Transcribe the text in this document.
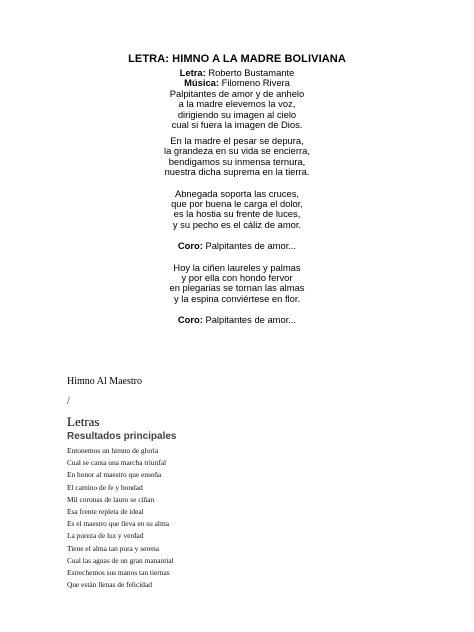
LETRA: HIMNO A LA MADRE BOLIVIANA
Letra: Roberto Bustamante
Música: Filomeno Rivera
Palpitantes de amor y de anhelo
a la madre elevemos la voz,
dirigiendo su imagen al cielo
cual si fuera la imagen de Dios.
En la madre el pesar se depura,
la grandeza en su vida se encierra,
bendigamos su inmensa ternura,
nuestra dicha suprema en la tierra.
Abnegada soporta las cruces,
que por buena le carga el dolor,
es la hostia su frente de luces,
y su pecho es el cáliz de amor.
Coro: Palpitantes de amor...
Hoy la ciñen laureles y palmas
y por ella con hondo fervor
en plegarias se tornan las almas
y la espina conviértese en flor.
Coro: Palpitantes de amor...
Himno Al Maestro
/
Letras
Resultados principales
Entonemos un himno de gloria
Cual se canta una marcha triunfal
En honor al maestro que enseña
El camino de fe y bondad
Mil coronas de lauro se ciñan
Esa frente repleta de ideal
Es el maestro que lleva en su alma
La pureza de luz y verdad
Tiene el alma tan pura y serena
Cual las aguas de un gran manantial
Estrechemos sus manos tan tiernas
Que están llenas de felicidad
